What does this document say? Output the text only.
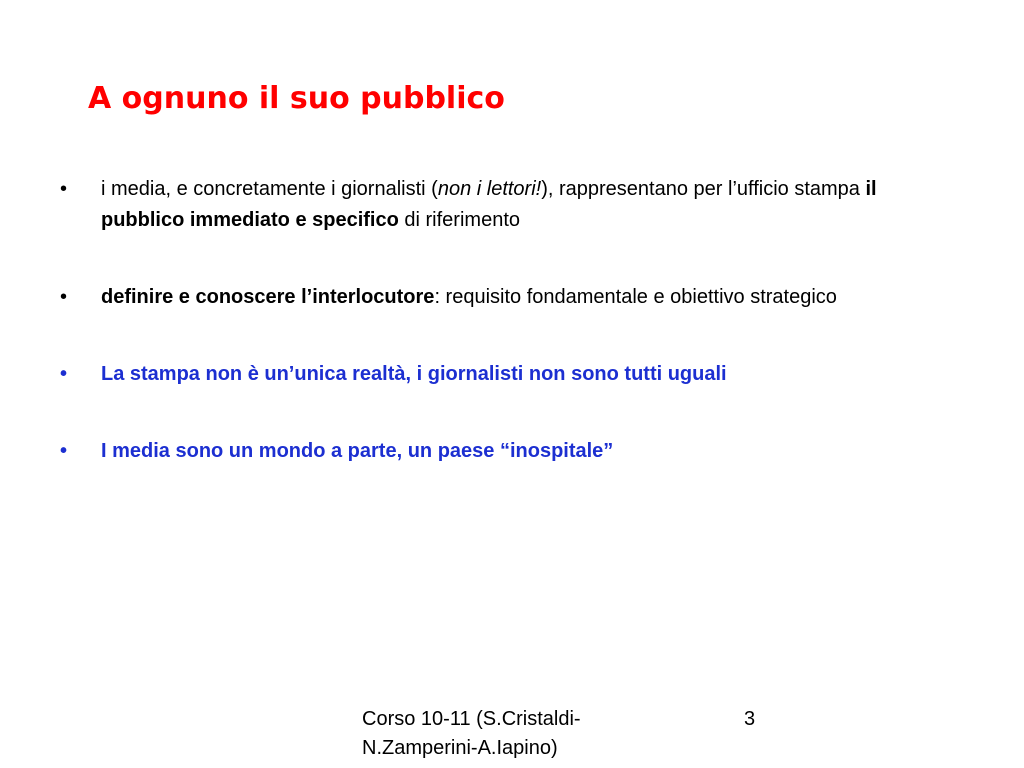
A ognuno il suo pubblico
•	i media, e concretamente i giornalisti (non i lettori!), rappresentano per l’ufficio stampa il pubblico immediato e specifico di riferimento
•	definire e conoscere l’interlocutore: requisito fondamentale e obiettivo strategico
•	La stampa non è un’unica realtà, i giornalisti non sono tutti uguali
•	I media sono un mondo a parte, un paese “inospitale”
Corso 10-11 (S.Cristaldi-
N.Zamperini-A.Iapino)
3
